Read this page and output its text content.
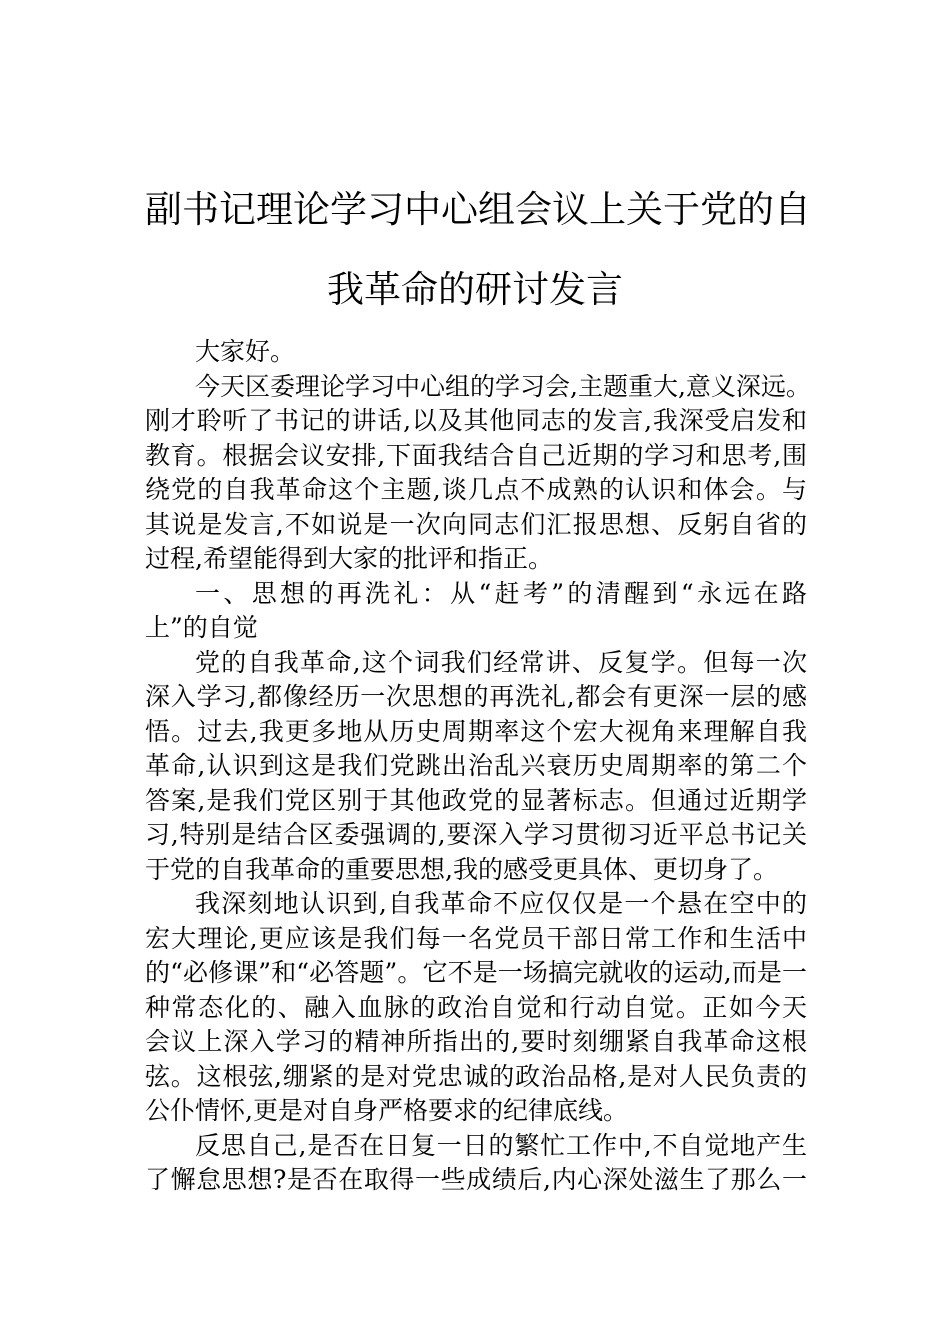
副书记理论学习中心组会议上关于党的自
我革命的研讨发言
大家好。
今天区委理论学习中心组的学习会,主题重大,意义深远。
刚才聆听了书记的讲话,以及其他同志的发言,我深受启发和
教育。根据会议安排,下面我结合自己近期的学习和思考,围
绕党的自我革命这个主题,谈几点不成熟的认识和体会。与
其说是发言,不如说是一次向同志们汇报思想、反躬自省的
过程,希望能得到大家的批评和指正。
一、思想的再洗礼：从“赶考”的清醒到“永远在路
上”的自觉
党的自我革命,这个词我们经常讲、反复学。但每一次
深入学习,都像经历一次思想的再洗礼,都会有更深一层的感
悟。过去,我更多地从历史周期率这个宏大视角来理解自我
革命,认识到这是我们党跳出治乱兴衰历史周期率的第二个
答案,是我们党区别于其他政党的显著标志。但通过近期学
习,特别是结合区委强调的,要深入学习贯彻习近平总书记关
于党的自我革命的重要思想,我的感受更具体、更切身了。
我深刻地认识到,自我革命不应仅仅是一个悬在空中的
宏大理论,更应该是我们每一名党员干部日常工作和生活中
的“必修课”和“必答题”。它不是一场搞完就收的运动,而是一
种常态化的、融入血脉的政治自觉和行动自觉。正如今天
会议上深入学习的精神所指出的,要时刻绷紧自我革命这根
弦。这根弦,绷紧的是对党忠诚的政治品格,是对人民负责的
公仆情怀,更是对自身严格要求的纪律底线。
反思自己,是否在日复一日的繁忙工作中,不自觉地产生
了懈怠思想?是否在取得一些成绩后,内心深处滋生了那么一
